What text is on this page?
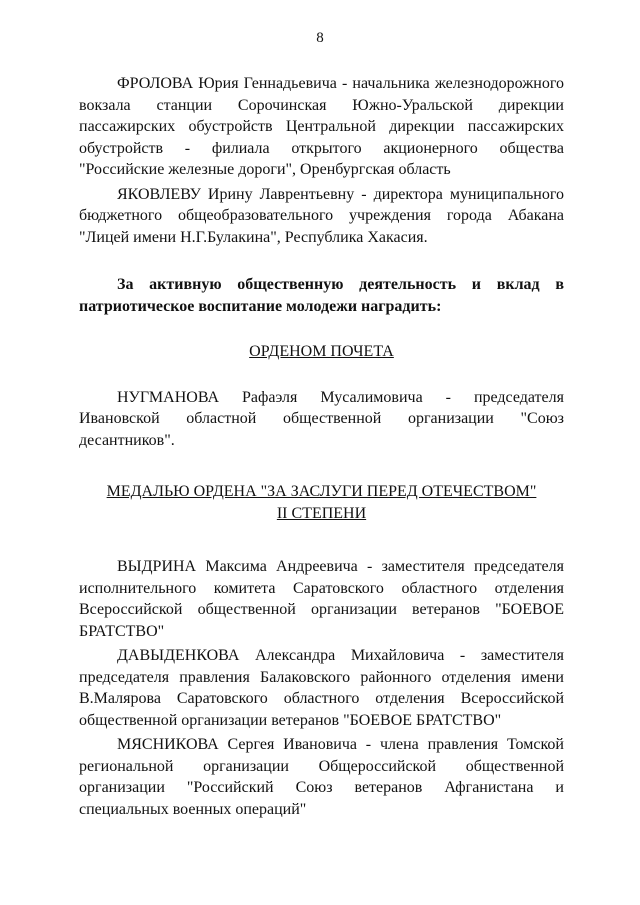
8

ФРОЛОВА Юрия Геннадьевича - начальника железнодорожного вокзала станции Сорочинская Южно-Уральской дирекции пассажирских обустройств Центральной дирекции пассажирских обустройств - филиала открытого акционерного общества "Российские железные дороги", Оренбургская область

ЯКОВЛЕВУ Ирину Лаврентьевну - директора муниципального бюджетного общеобразовательного учреждения города Абакана "Лицей имени Н.Г.Булакина", Республика Хакасия.

За активную общественную деятельность и вклад в патриотическое воспитание молодежи наградить:

ОРДЕНОМ ПОЧЕТА

НУГМАНОВА Рафаэля Мусалимовича - председателя Ивановской областной общественной организации "Союз десантников".

МЕДАЛЬЮ ОРДЕНА "ЗА ЗАСЛУГИ ПЕРЕД ОТЕЧЕСТВОМ"

II СТЕПЕНИ

ВЫДРИНА Максима Андреевича - заместителя председателя исполнительного комитета Саратовского областного отделения Всероссийской общественной организации ветеранов "БОЕВОЕ БРАТСТВО"

ДАВЫДЕНКОВА Александра Михайловича - заместителя председателя правления Балаковского районного отделения имени В.Малярова Саратовского областного отделения Всероссийской общественной организации ветеранов "БОЕВОЕ БРАТСТВО"

МЯСНИКОВА Сергея Ивановича - члена правления Томской региональной организации Общероссийской общественной организации "Российский Союз ветеранов Афганистана и специальных военных операций"
